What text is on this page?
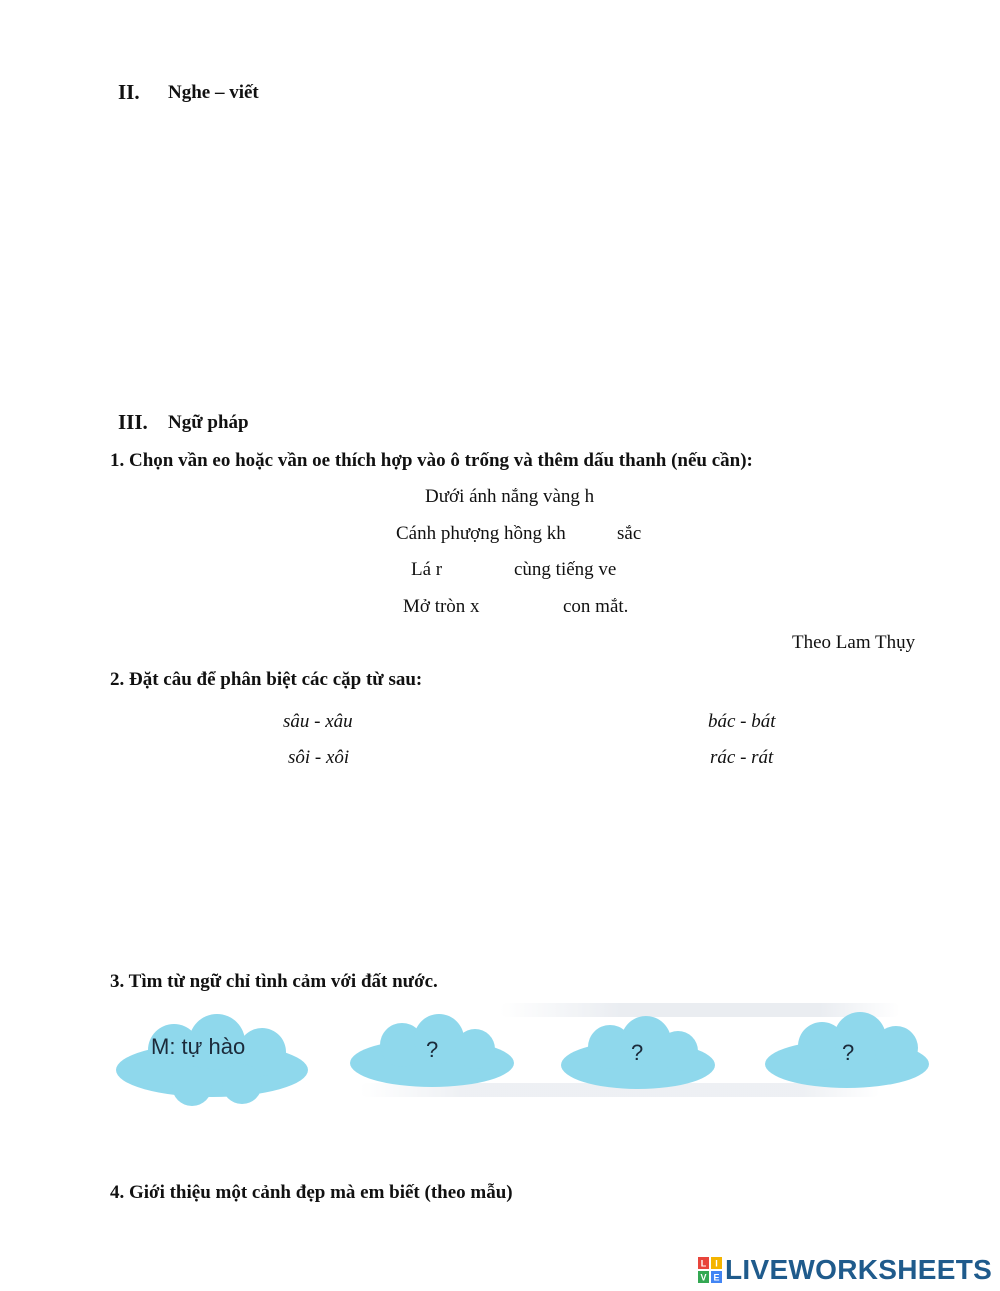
II. Nghe – viết
III. Ngữ pháp
1. Chọn vần eo hoặc vần oe thích hợp vào ô trống và thêm dấu thanh (nếu cần):
Dưới ánh nắng vàng h
Cánh phượng hồng kh	sắc
Lá r	cùng tiếng ve
Mở tròn x	con mắt.
Theo Lam Thụy
2. Đặt câu để phân biệt các cặp từ sau:
sâu - xâu	bác - bát
sôi - xôi	rác - rát
3. Tìm từ ngữ chỉ tình cảm với đất nước.
M: tự hào	?	?	?
4. Giới thiệu một cảnh đẹp mà em biết (theo mẫu)
L I
V E LIVEWORKSHEETS
